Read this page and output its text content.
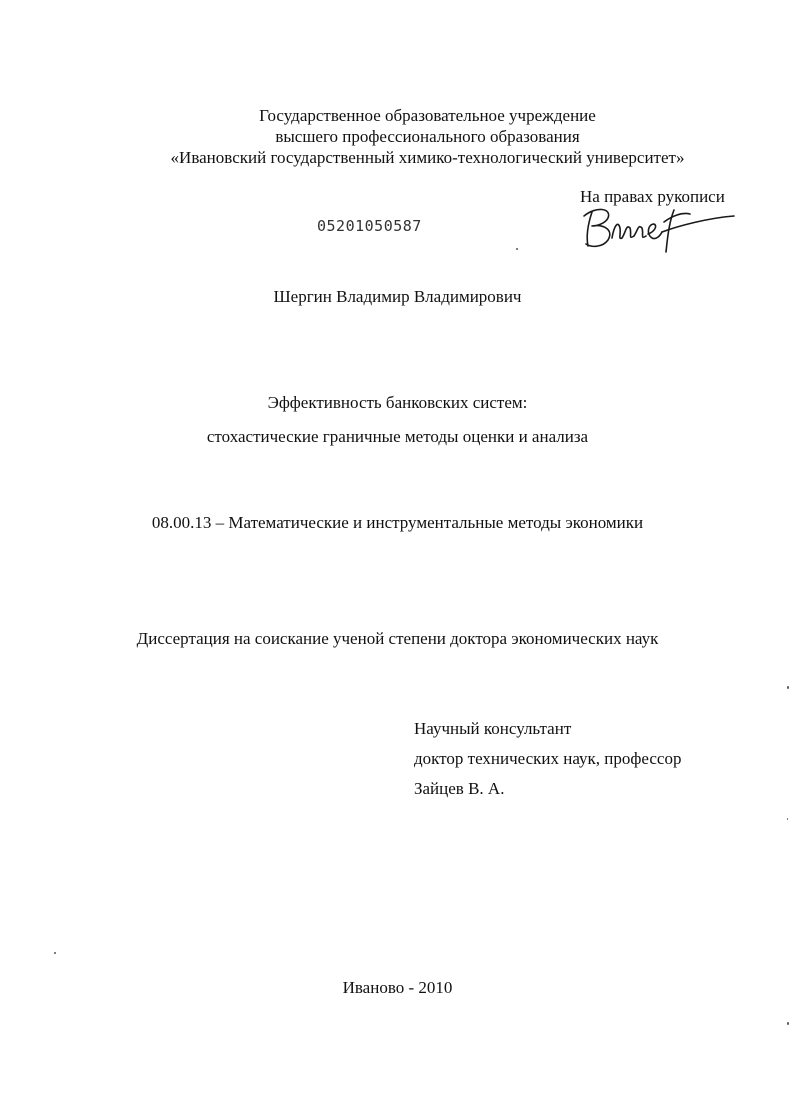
Государственное образовательное учреждение
высшего профессионального образования
«Ивановский государственный химико-технологический университет»

На правах рукописи

05201050587

Шергин Владимир Владимирович

Эффективность банковских систем:
стохастические граничные методы оценки и анализа

08.00.13 – Математические и инструментальные методы экономики

Диссертация на соискание ученой степени доктора экономических наук

Научный консультант
доктор технических наук, профессор
Зайцев В. А.

Иваново - 2010
